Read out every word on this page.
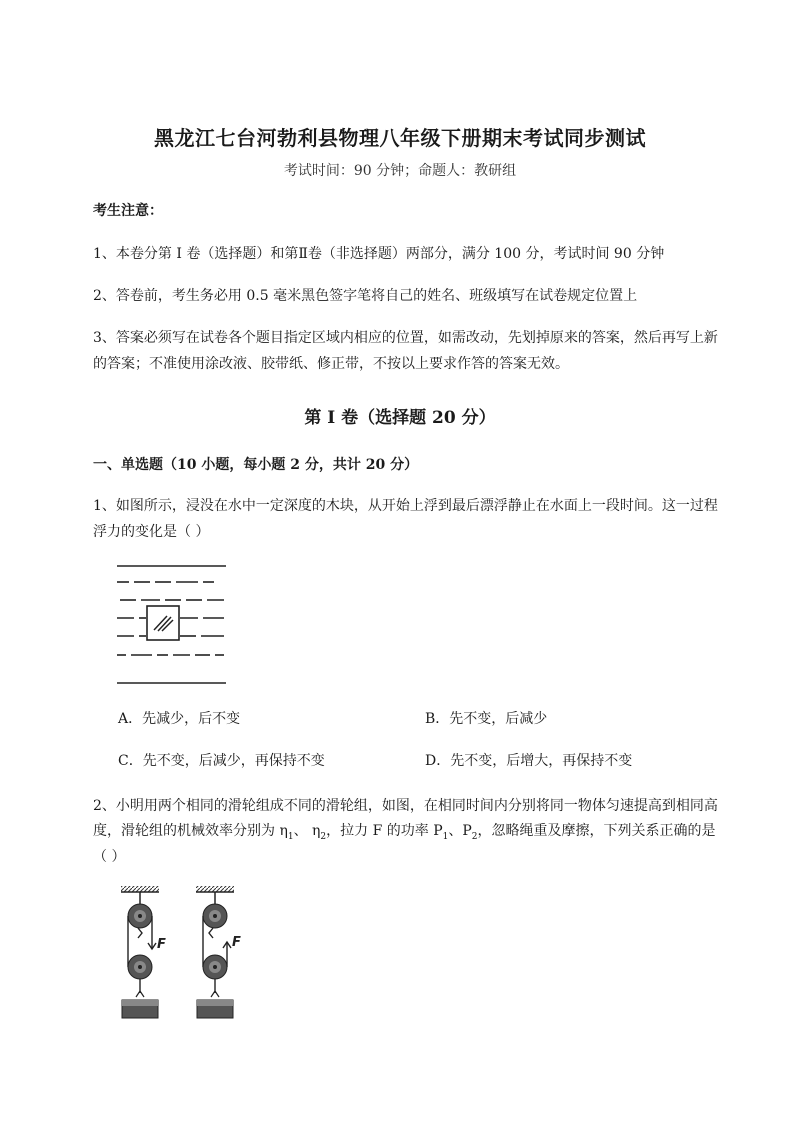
黑龙江七台河勃利县物理八年级下册期末考试同步测试
考试时间：90 分钟；命题人：教研组
考生注意：
1、本卷分第 I 卷（选择题）和第Ⅱ卷（非选择题）两部分，满分 100 分，考试时间 90 分钟
2、答卷前，考生务必用 0.5 毫米黑色签字笔将自己的姓名、班级填写在试卷规定位置上
3、答案必须写在试卷各个题目指定区域内相应的位置，如需改动，先划掉原来的答案，然后再写上新
的答案；不准使用涂改液、胶带纸、修正带，不按以上要求作答的答案无效。
第 I 卷（选择题 20 分）
一、单选题（10 小题，每小题 2 分，共计 20 分）
1、如图所示，浸没在水中一定深度的木块，从开始上浮到最后漂浮静止在水面上一段时间。这一过程
浮力的变化是（ ）
A．先减少，后不变	B．先不变，后减少
C．先不变，后减少，再保持不变	D．先不变，后增大，再保持不变
2、小明用两个相同的滑轮组成不同的滑轮组，如图，在相同时间内分别将同一物体匀速提高到相同高
度，滑轮组的机械效率分别为 $\eta_1$、 $\eta_2$，拉力 F 的功率 $P_1$、$P_2$，忽略绳重及摩擦，下列关系正确的是
（ ）
F	F
